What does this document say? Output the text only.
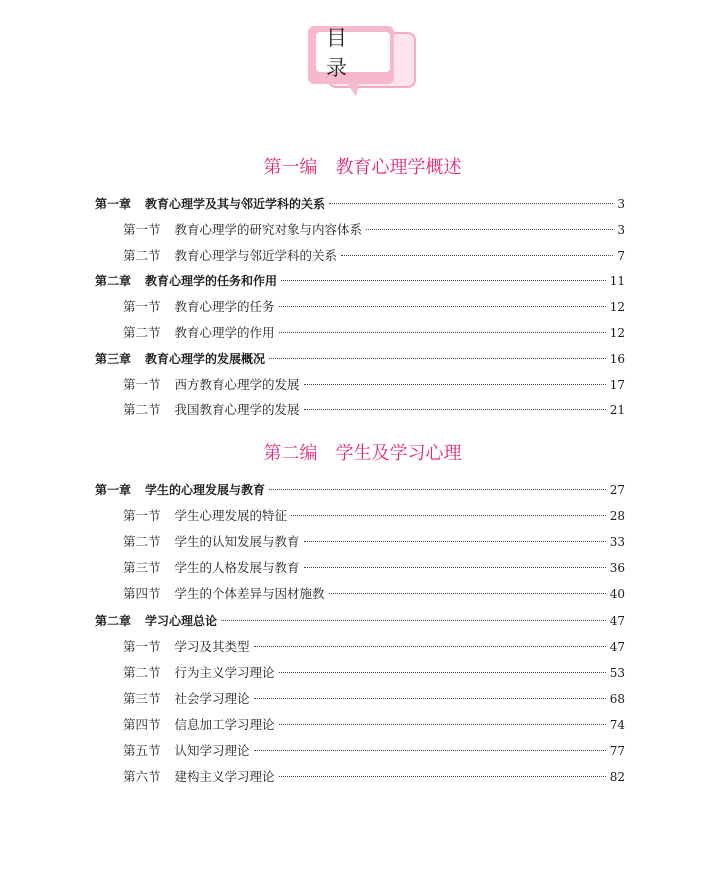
目 录
第一编　教育心理学概述
第一章 教育心理学及其与邻近学科的关系	3
第一节 教育心理学的研究对象与内容体系	3
第二节 教育心理学与邻近学科的关系	7
第二章 教育心理学的任务和作用	11
第一节 教育心理学的任务	12
第二节 教育心理学的作用	12
第三章 教育心理学的发展概况	16
第一节 西方教育心理学的发展	17
第二节 我国教育心理学的发展	21
第二编　学生及学习心理
第一章 学生的心理发展与教育	27
第一节 学生心理发展的特征	28
第二节 学生的认知发展与教育	33
第三节 学生的人格发展与教育	36
第四节 学生的个体差异与因材施教	40
第二章 学习心理总论	47
第一节 学习及其类型	47
第二节 行为主义学习理论	53
第三节 社会学习理论	68
第四节 信息加工学习理论	74
第五节 认知学习理论	77
第六节 建构主义学习理论	82
